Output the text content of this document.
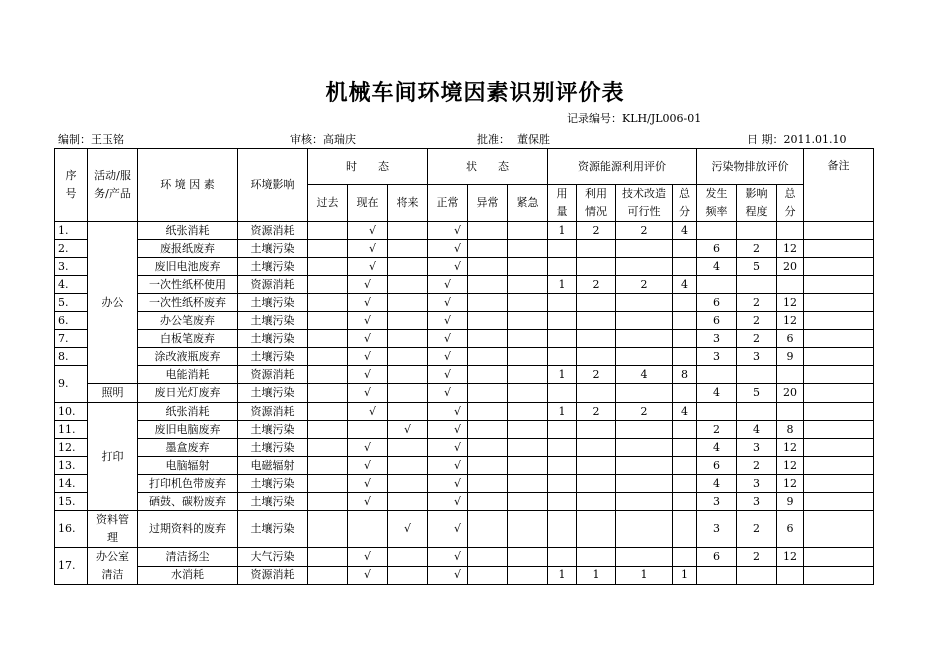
机械车间环境因素识别评价表
记录编号：KLH/JL006-01
编制：王玉铭	审核：高瑞庆	批准： 董保胜	日 期：2011.01.10
序号	活动/服务/产品	环 境 因 素	环境影响	时      态			状      态			资源能源利用评价				污染物排放评价			备注
				过去	现在	将来	正常	异常	紧急	用量	利用情况	技术改造可行性	总分	发生频率	影响程度	总分	
1.	办公	纸张消耗	资源消耗		√		√			1	2	2	4				
2.		废报纸废弃	土壤污染		√		√							6	2	12	
3.		废旧电池废弃	土壤污染		√		√							4	5	20	
4.		一次性纸杯使用	资源消耗		√		√			1	2	2	4				
5.		一次性纸杯废弃	土壤污染		√		√							6	2	12	
6.		办公笔废弃	土壤污染		√		√							6	2	12	
7.		白板笔废弃	土壤污染		√		√							3	2	6	
8.		涂改液瓶废弃	土壤污染		√		√							3	3	9	
9.		电能消耗	资源消耗		√		√			1	2	4	8				
	照明	废日光灯废弃	土壤污染		√		√							4	5	20	
10.	打印	纸张消耗	资源消耗		√		√			1	2	2	4				
11.		废旧电脑废弃	土壤污染			√	√							2	4	8	
12.		墨盒废弃	土壤污染		√		√							4	3	12	
13.		电脑辐射	电磁辐射		√		√							6	2	12	
14.		打印机色带废弃	土壤污染		√		√							4	3	12	
15.		硒鼓、碳粉废弃	土壤污染		√		√							3	3	9	
16.	资料管理	过期资料的废弃	土壤污染			√	√							3	2	6	
17.	办公室清洁	清洁扬尘	大气污染		√		√							6	2	12	
		水消耗	资源消耗		√		√			1	1	1	1				
